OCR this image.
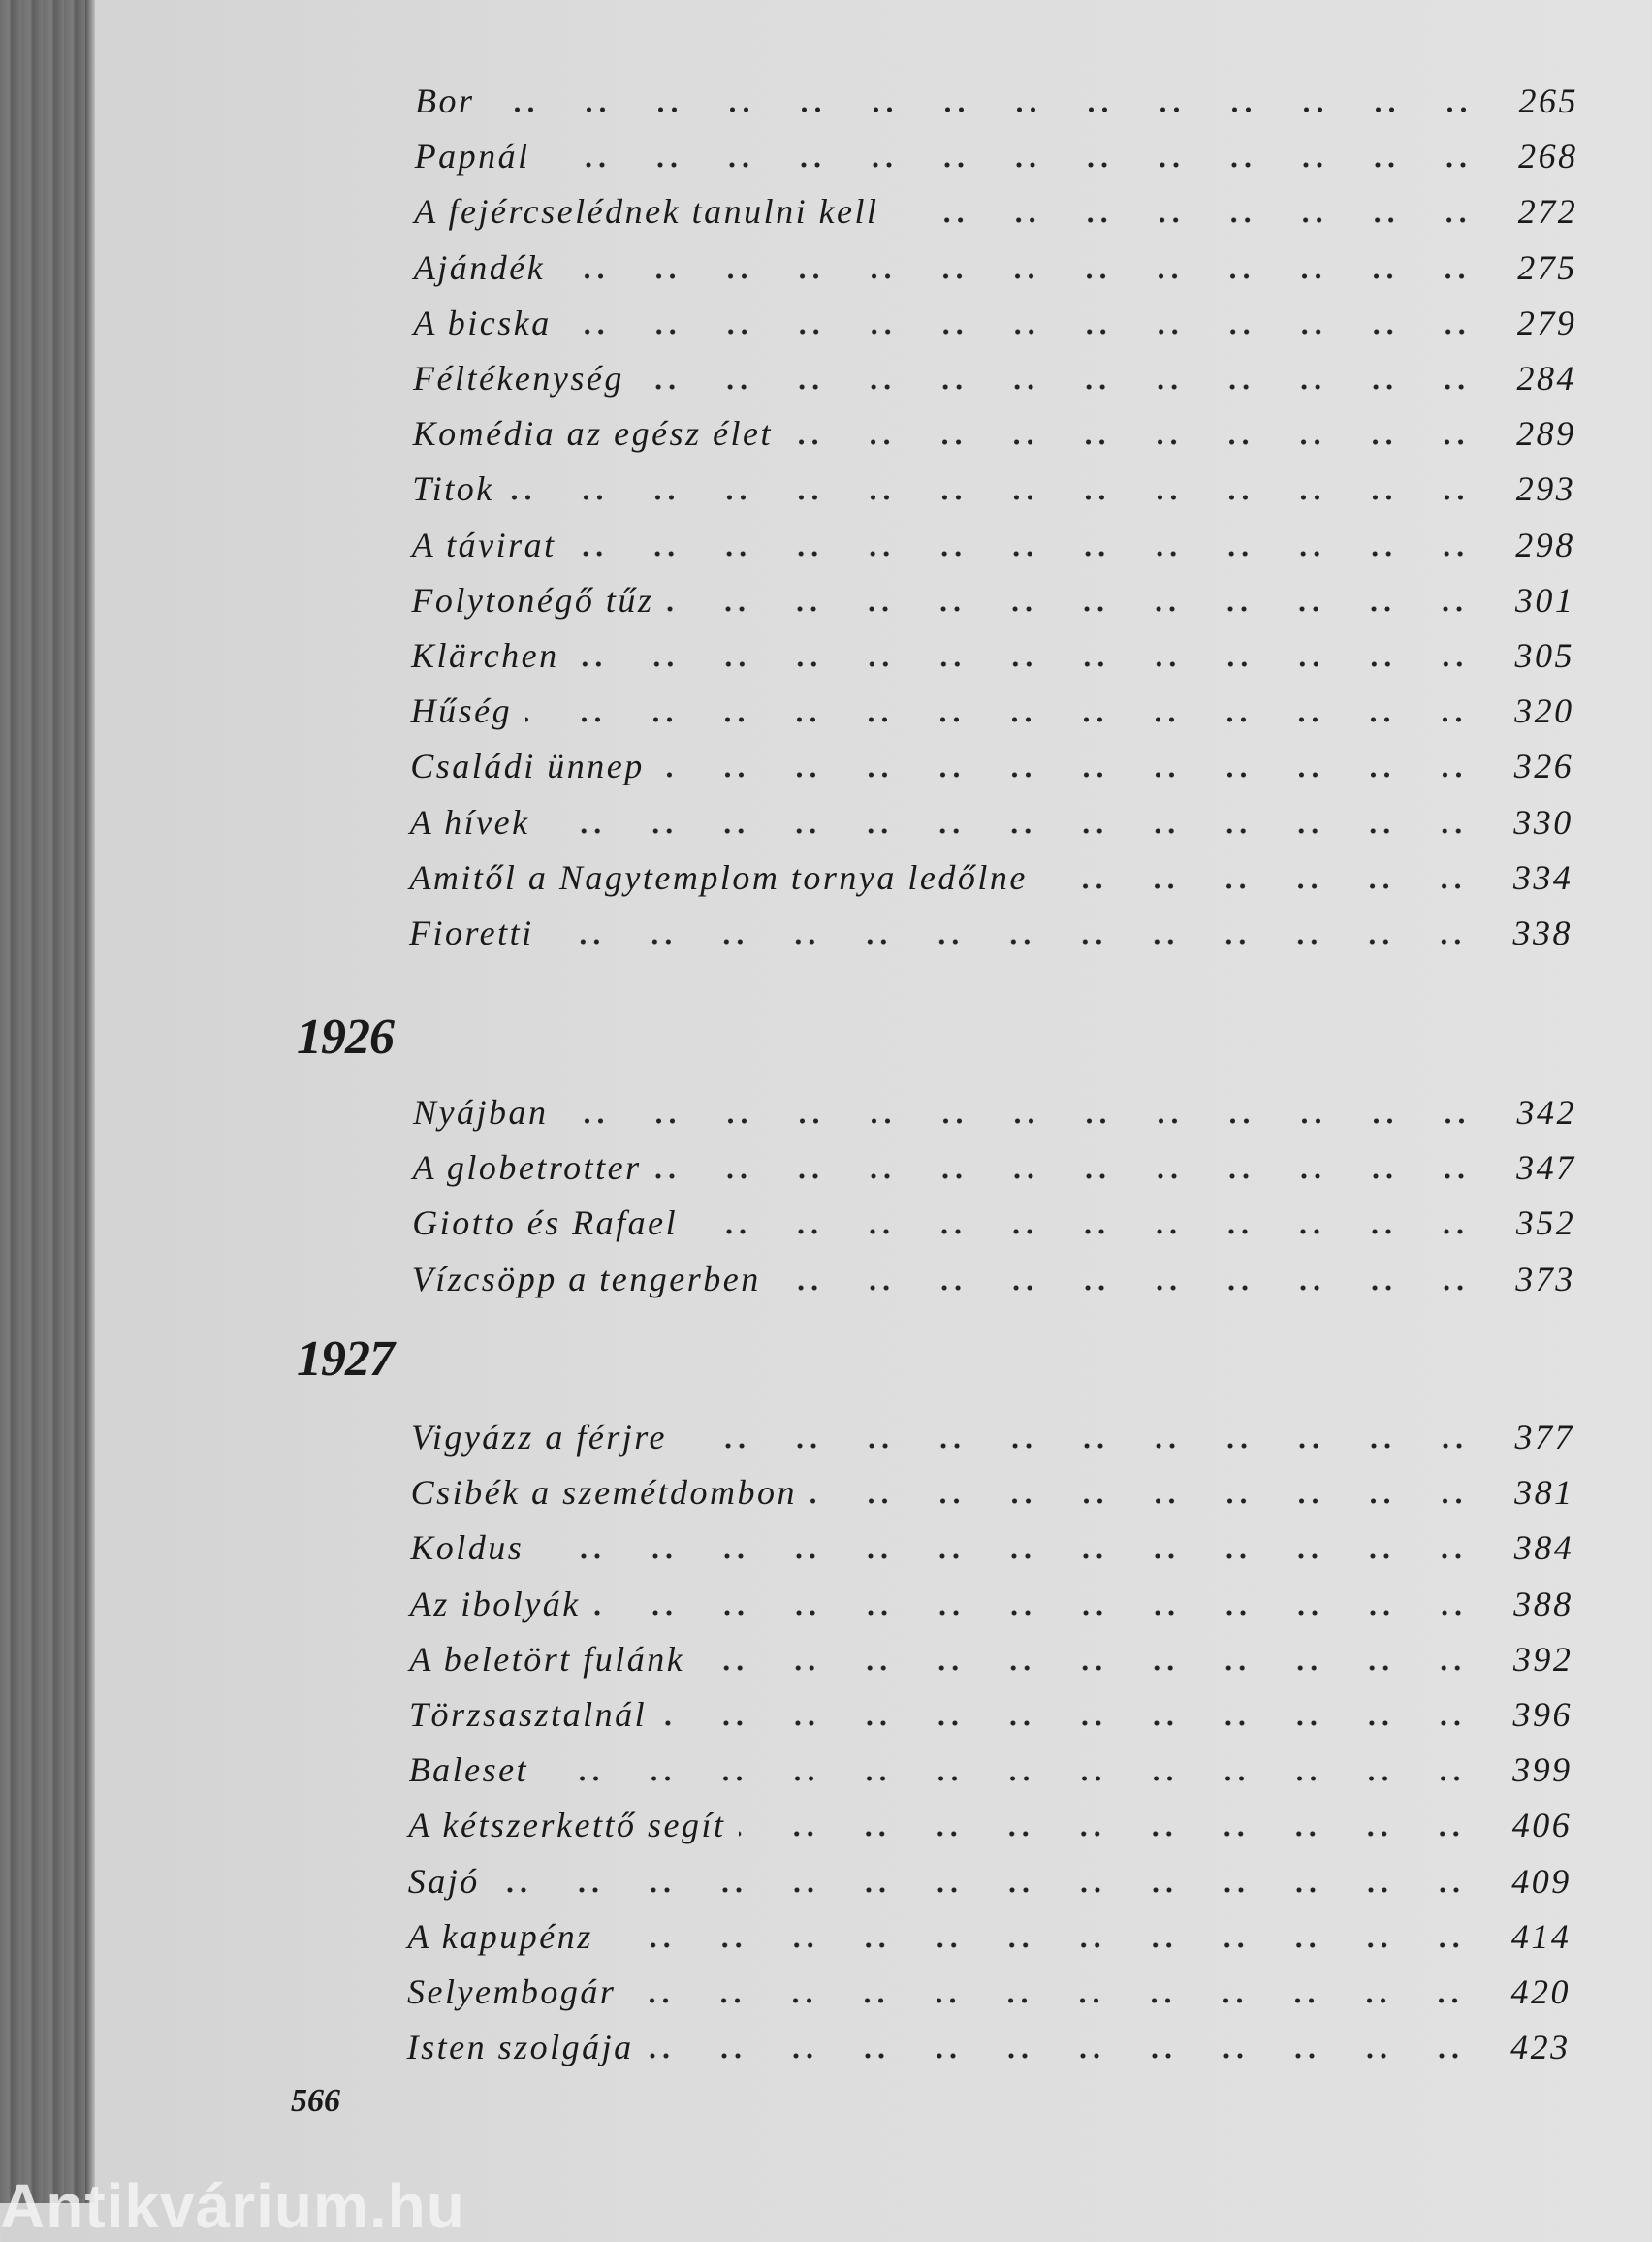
Bor	265
Papnál	268
A fejércselédnek tanulni kell	272
Ajándék	275
A bicska	279
Féltékenység	284
Komédia az egész élet	289
Titok	293
A távirat	298
Folytonégő tűz	301
Klärchen	305
Hűség	320
Családi ünnep	326
A hívek	330
Amitől a Nagytemplom tornya ledőlne	334
Fioretti	338
1926
Nyájban	342
A globetrotter	347
Giotto és Rafael	352
Vízcsöpp a tengerben	373
1927
Vigyázz a férjre	377
Csibék a szemétdombon	381
Koldus	384
Az ibolyák	388
A beletört fulánk	392
Törzsasztalnál	396
Baleset	399
A kétszerkettő segít	406
Sajó	409
A kapupénz	414
Selyembogár	420
Isten szolgája	423
566
Antikvárium.hu
